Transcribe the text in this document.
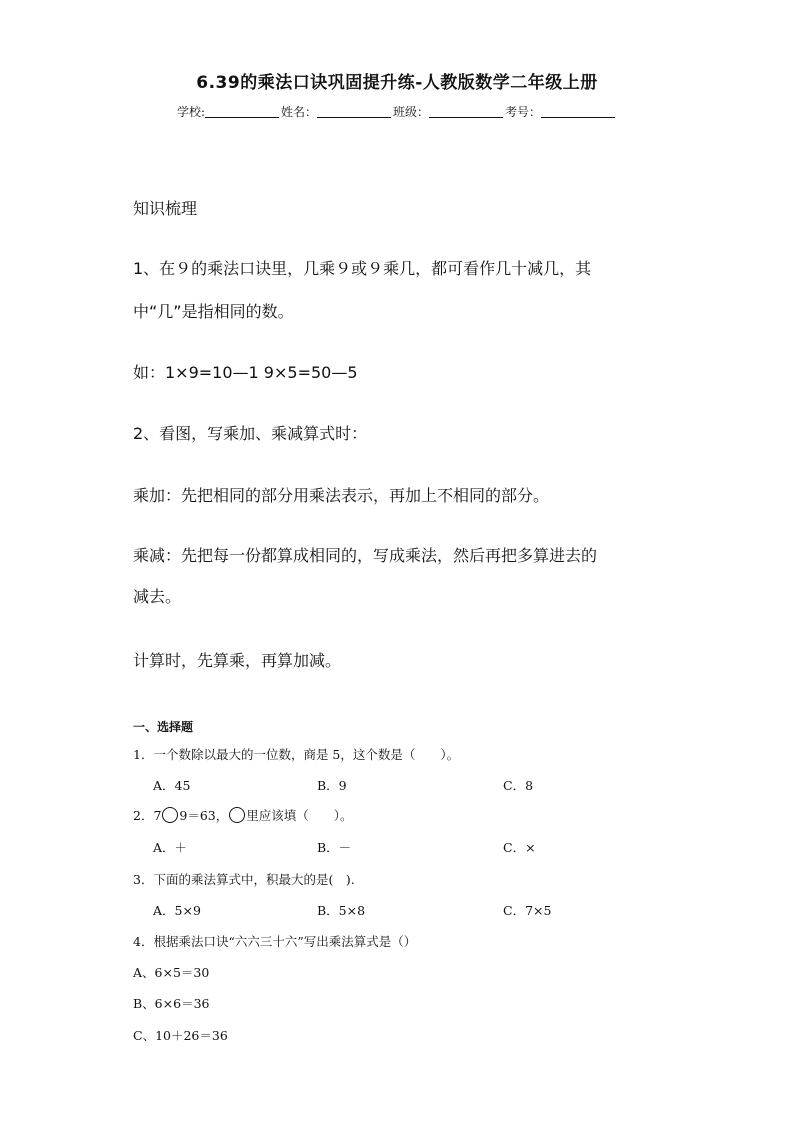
6.39的乘法口诀巩固提升练-人教版数学二年级上册
学校:	姓名：	班级：	考号：
知识梳理
1、在９的乘法口诀里，几乘９或９乘几，都可看作几十减几，其
中“几”是指相同的数。
如：1×9=10—1 9×5=50—5
2、看图，写乘加、乘减算式时：
乘加：先把相同的部分用乘法表示，再加上不相同的部分。
乘减：先把每一份都算成相同的，写成乘法，然后再把多算进去的
减去。
计算时，先算乘，再算加减。
一、选择题
1．一个数除以最大的一位数，商是 5，这个数是（　　）。
A．45	B．9	C．8
2．7 9＝63， 里应该填（　　）。
A．＋	B．－	C．×
3．下面的乘法算式中，积最大的是(　).
A．5×9	B．5×8	C．7×5
4．根据乘法口诀“六六三十六”写出乘法算式是（）
A、6×5＝30
B、6×6＝36
C、10＋26＝36
